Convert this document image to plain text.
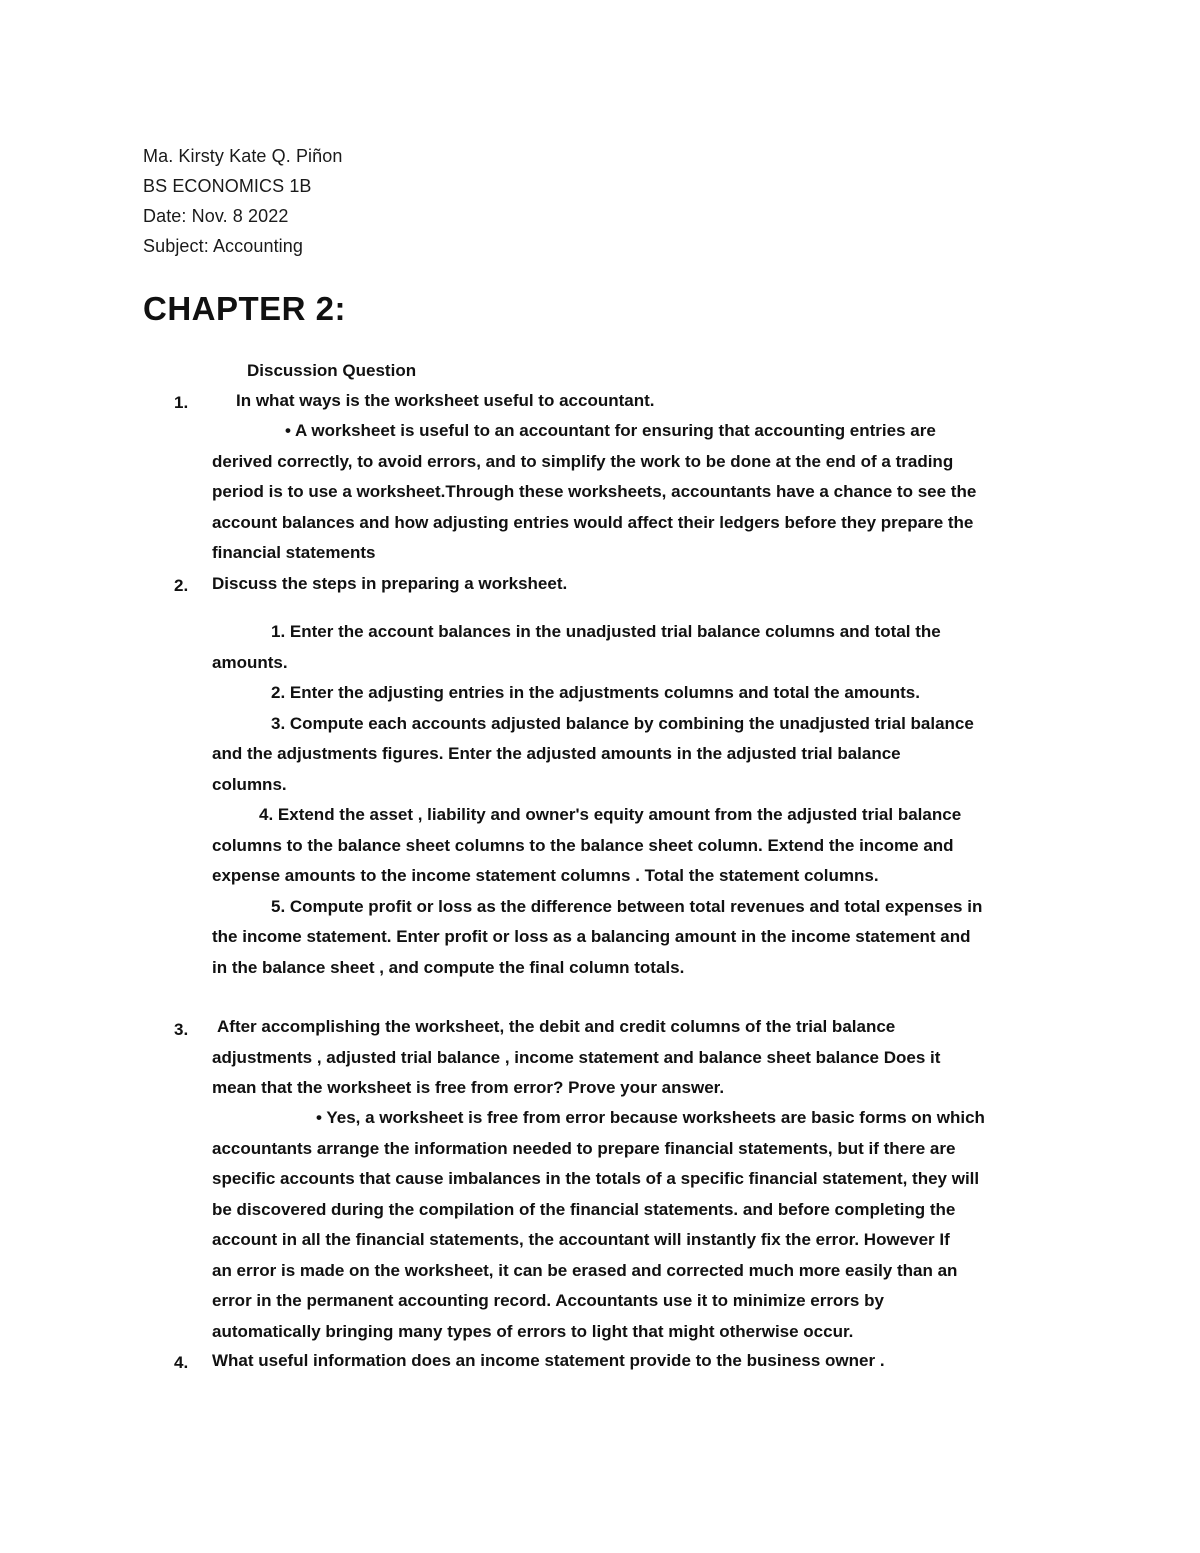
Ma. Kirsty Kate Q. Piñon
BS ECONOMICS 1B
Date: Nov. 8 2022
Subject: Accounting
CHAPTER 2:
Discussion Question
1.	In what ways is the worksheet useful to accountant.
• A worksheet is useful to an accountant for ensuring that accounting entries are
derived correctly, to avoid errors, and to simplify the work to be done at the end of a trading
period is to use a worksheet.Through these worksheets, accountants have a chance to see the
account balances and how adjusting entries would affect their ledgers before they prepare the
financial statements
2. Discuss the steps in preparing a worksheet.
1. Enter the account balances in the unadjusted trial balance columns and total the
amounts.
2. Enter the adjusting entries in the adjustments columns and total the amounts.
3. Compute each accounts adjusted balance by combining the unadjusted trial balance
and the adjustments figures. Enter the adjusted amounts in the adjusted trial balance
columns.
4. Extend the asset , liability and owner's equity amount from the adjusted trial balance
columns to the balance sheet columns to the balance sheet column. Extend the income and
expense amounts to the income statement columns . Total the statement columns.
5. Compute profit or loss as the difference between total revenues and total expenses in
the income statement. Enter profit or loss as a balancing amount in the income statement and
in the balance sheet , and compute the final column totals.
3. After accomplishing the worksheet, the debit and credit columns of the trial balance
adjustments , adjusted trial balance , income statement and balance sheet balance Does it
mean that the worksheet is free from error? Prove your answer.
• Yes, a worksheet is free from error because worksheets are basic forms on which
accountants arrange the information needed to prepare financial statements, but if there are
specific accounts that cause imbalances in the totals of a specific financial statement, they will
be discovered during the compilation of the financial statements. and before completing the
account in all the financial statements, the accountant will instantly fix the error. However If
an error is made on the worksheet, it can be erased and corrected much more easily than an
error in the permanent accounting record. Accountants use it to minimize errors by
automatically bringing many types of errors to light that might otherwise occur.
4. What useful information does an income statement provide to the business owner .
